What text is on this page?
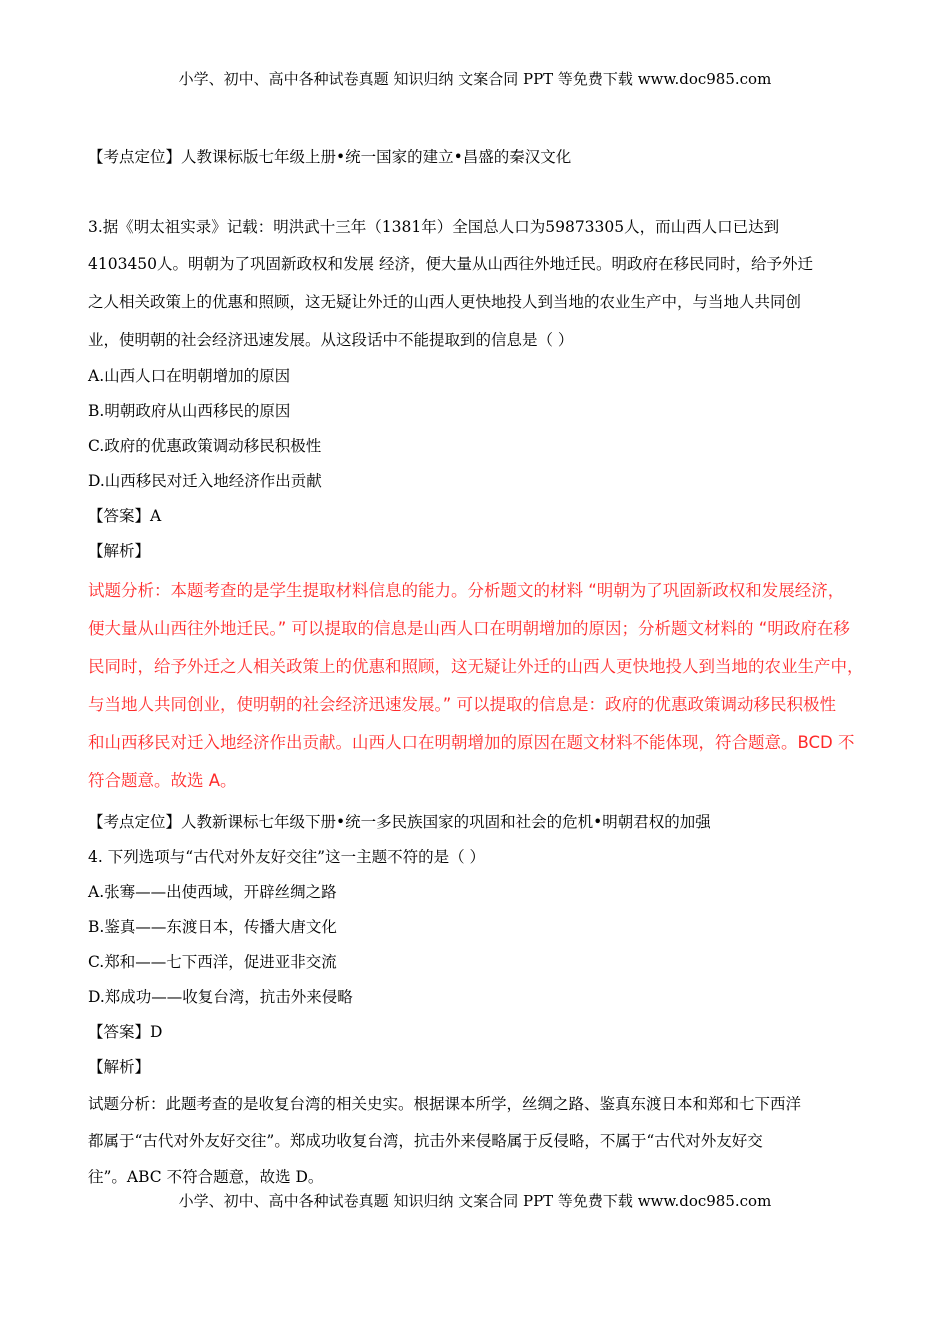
小学、初中、高中各种试卷真题 知识归纳 文案合同 PPT 等免费下载 www.doc985.com
【考点定位】人教课标版七年级上册•统一国家的建立•昌盛的秦汉文化
3.据《明太祖实录》记载：明洪武十三年（1381年）全国总人口为59873305人，而山西人口已达到
4103450人。明朝为了巩固新政权和发展 经济，便大量从山西往外地迁民。明政府在移民同时，给予外迁
之人相关政策上的优惠和照顾，这无疑让外迁的山西人更快地投人到当地的农业生产中，与当地人共同创
业，使明朝的社会经济迅速发展。从这段话中不能提取到的信息是（ ）
A.山西人口在明朝增加的原因
B.明朝政府从山西移民的原因
C.政府的优惠政策调动移民积极性
D.山西移民对迁入地经济作出贡献
【答案】A
【解析】
试题分析：本题考查的是学生提取材料信息的能力。分析题文的材料 “明朝为了巩固新政权和发展经济，
便大量从山西往外地迁民。” 可以提取的信息是山西人口在明朝增加的原因；分析题文材料的 “明政府在移
民同时，给予外迁之人相关政策上的优惠和照顾，这无疑让外迁的山西人更快地投人到当地的农业生产中，
与当地人共同创业，使明朝的社会经济迅速发展。” 可以提取的信息是：政府的优惠政策调动移民积极性
和山西移民对迁入地经济作出贡献。山西人口在明朝增加的原因在题文材料不能体现，符合题意。BCD 不
符合题意。故选 A。
【考点定位】人教新课标七年级下册•统一多民族国家的巩固和社会的危机•明朝君权的加强
4. 下列选项与“古代对外友好交往”这一主题不符的是（ ）
A.张骞——出使西域，开辟丝绸之路
B.鉴真——东渡日本，传播大唐文化
C.郑和——七下西洋，促进亚非交流
D.郑成功——收复台湾，抗击外来侵略
【答案】D
【解析】
试题分析：此题考查的是收复台湾的相关史实。根据课本所学，丝绸之路、鉴真东渡日本和郑和七下西洋
都属于“古代对外友好交往”。郑成功收复台湾，抗击外来侵略属于反侵略，不属于“古代对外友好交
往”。ABC 不符合题意，故选 D。
小学、初中、高中各种试卷真题 知识归纳 文案合同 PPT 等免费下载 www.doc985.com
